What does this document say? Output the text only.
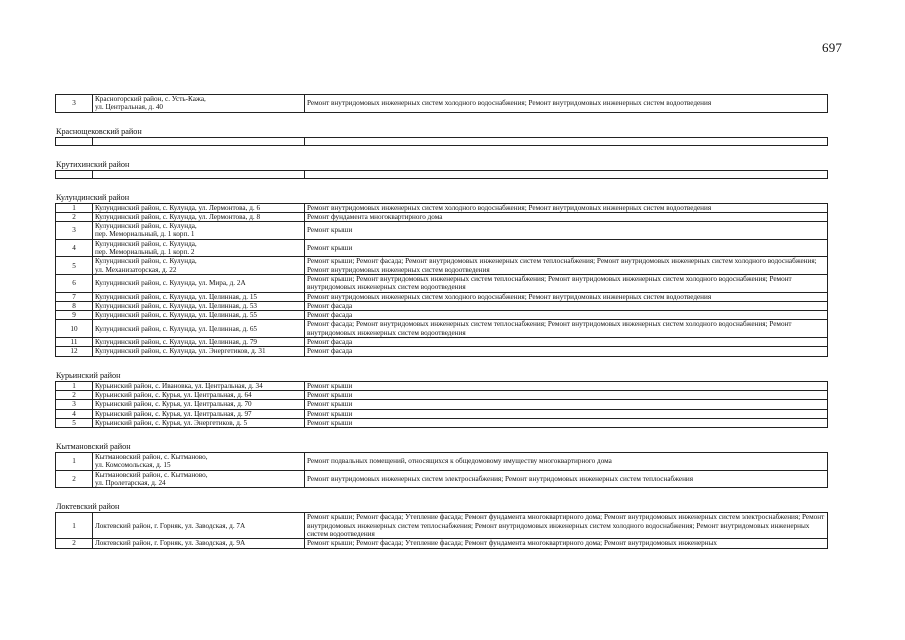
697
3	Красногорский район, с. Усть-Кажа,
ул. Центральная, д. 40	Ремонт внутридомовых инженерных систем холодного водоснабжения; Ремонт внутридомовых инженерных систем водоотведения
Краснощековский район

Крутихинский район

Кулундинский район
1	Кулундинский район, с. Кулунда, ул. Лермонтова, д. 6	Ремонт внутридомовых инженерных систем холодного водоснабжения; Ремонт внутридомовых инженерных систем водоотведения
2	Кулундинский район, с. Кулунда, ул. Лермонтова, д. 8	Ремонт фундамента многоквартирного дома
3	Кулундинский район, с. Кулунда,
пер. Мемориальный, д. 1 корп. 1	Ремонт крыши
4	Кулундинский район, с. Кулунда,
пер. Мемориальный, д. 1 корп. 2	Ремонт крыши
5	Кулундинский район, с. Кулунда,
ул. Механизаторская, д. 22	Ремонт крыши; Ремонт фасада; Ремонт внутридомовых инженерных систем теплоснабжения; Ремонт внутридомовых инженерных систем холодного водоснабжения; Ремонт внутридомовых инженерных систем водоотведения
6	Кулундинский район, с. Кулунда, ул. Мира, д. 2А	Ремонт крыши; Ремонт внутридомовых инженерных систем теплоснабжения; Ремонт внутридомовых инженерных систем холодного водоснабжения; Ремонт внутридомовых инженерных систем водоотведения
7	Кулундинский район, с. Кулунда, ул. Целинная, д. 15	Ремонт внутридомовых инженерных систем холодного водоснабжения; Ремонт внутридомовых инженерных систем водоотведения
8	Кулундинский район, с. Кулунда, ул. Целинная, д. 53	Ремонт фасада
9	Кулундинский район, с. Кулунда, ул. Целинная, д. 55	Ремонт фасада
10	Кулундинский район, с. Кулунда, ул. Целинная, д. 65	Ремонт фасада; Ремонт внутридомовых инженерных систем теплоснабжения; Ремонт внутридомовых инженерных систем холодного водоснабжения; Ремонт внутридомовых инженерных систем водоотведения
11	Кулундинский район, с. Кулунда, ул. Целинная, д. 79	Ремонт фасада
12	Кулундинский район, с. Кулунда, ул. Энергетиков, д. 31	Ремонт фасада
Курьинский район
1	Курьинский район, с. Ивановка, ул. Центральная, д. 34	Ремонт крыши
2	Курьинский район, с. Курья, ул. Центральная, д. 64	Ремонт крыши
3	Курьинский район, с. Курья, ул. Центральная, д. 70	Ремонт крыши
4	Курьинский район, с. Курья, ул. Центральная, д. 97	Ремонт крыши
5	Курьинский район, с. Курья, ул. Энергетиков, д. 5	Ремонт крыши
Кытмановский район
1	Кытмановский район, с. Кытманово,
ул. Комсомольская, д. 15	Ремонт подвальных помещений, относящихся к общедомовому имуществу многоквартирного дома
2	Кытмановский район, с. Кытманово,
ул. Пролетарская, д. 24	Ремонт внутридомовых инженерных систем электроснабжения; Ремонт внутридомовых инженерных систем теплоснабжения
Локтевский район
1	Локтевский район, г. Горняк, ул. Заводская, д. 7А	Ремонт крыши; Ремонт фасада; Утепление фасада; Ремонт фундамента многоквартирного дома; Ремонт внутридомовых инженерных систем электроснабжения; Ремонт внутридомовых инженерных систем теплоснабжения; Ремонт внутридомовых инженерных систем холодного водоснабжения; Ремонт внутридомовых инженерных систем водоотведения
2	Локтевский район, г. Горняк, ул. Заводская, д. 9А	Ремонт крыши; Ремонт фасада; Утепление фасада; Ремонт фундамента многоквартирного дома; Ремонт внутридомовых инженерных
